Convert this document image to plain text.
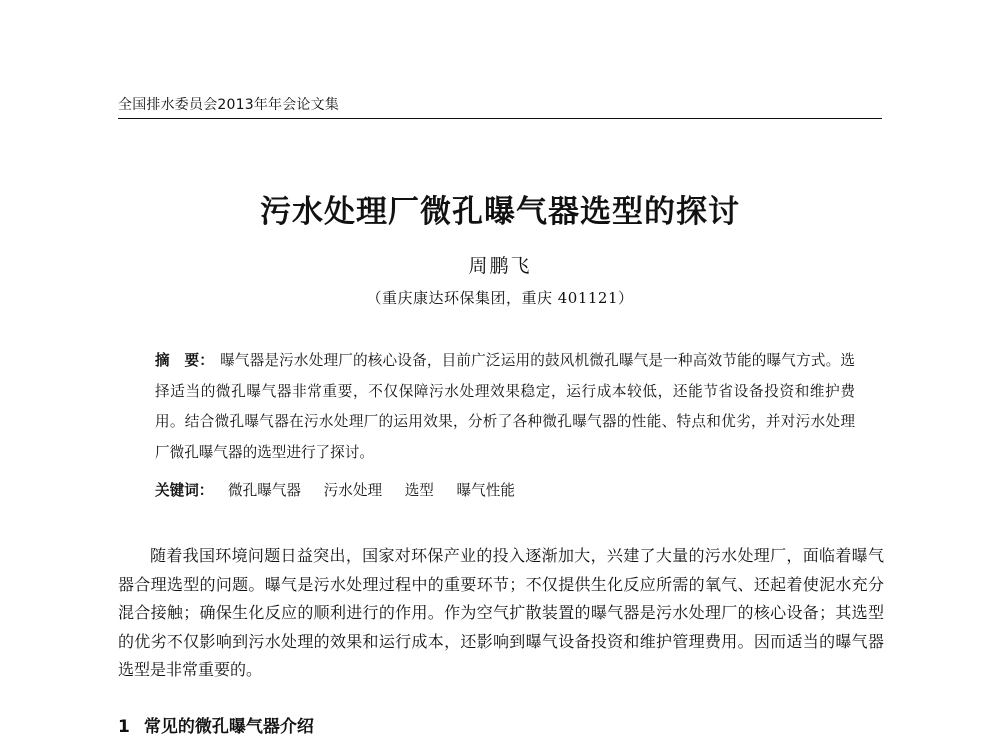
全国排水委员会2013年年会论文集
污水处理厂微孔曝气器选型的探讨
周鹏飞
（重庆康达环保集团，重庆 401121）
摘　要： 曝气器是污水处理厂的核心设备，目前广泛运用的鼓风机微孔曝气是一种高效节能的曝气方式。选择适当的微孔曝气器非常重要，不仅保障污水处理效果稳定，运行成本较低，还能节省设备投资和维护费用。结合微孔曝气器在污水处理厂的运用效果，分析了各种微孔曝气器的性能、特点和优劣，并对污水处理厂微孔曝气器的选型进行了探讨。
关键词： 微孔曝气器 污水处理 选型 曝气性能
随着我国环境问题日益突出，国家对环保产业的投入逐渐加大，兴建了大量的污水处理厂，面临着曝气器合理选型的问题。曝气是污水处理过程中的重要环节；不仅提供生化反应所需的氧气、还起着使泥水充分混合接触；确保生化反应的顺利进行的作用。作为空气扩散装置的曝气器是污水处理厂的核心设备；其选型的优劣不仅影响到污水处理的效果和运行成本，还影响到曝气设备投资和维护管理费用。因而适当的曝气器选型是非常重要的。
1 常见的微孔曝气器介绍
